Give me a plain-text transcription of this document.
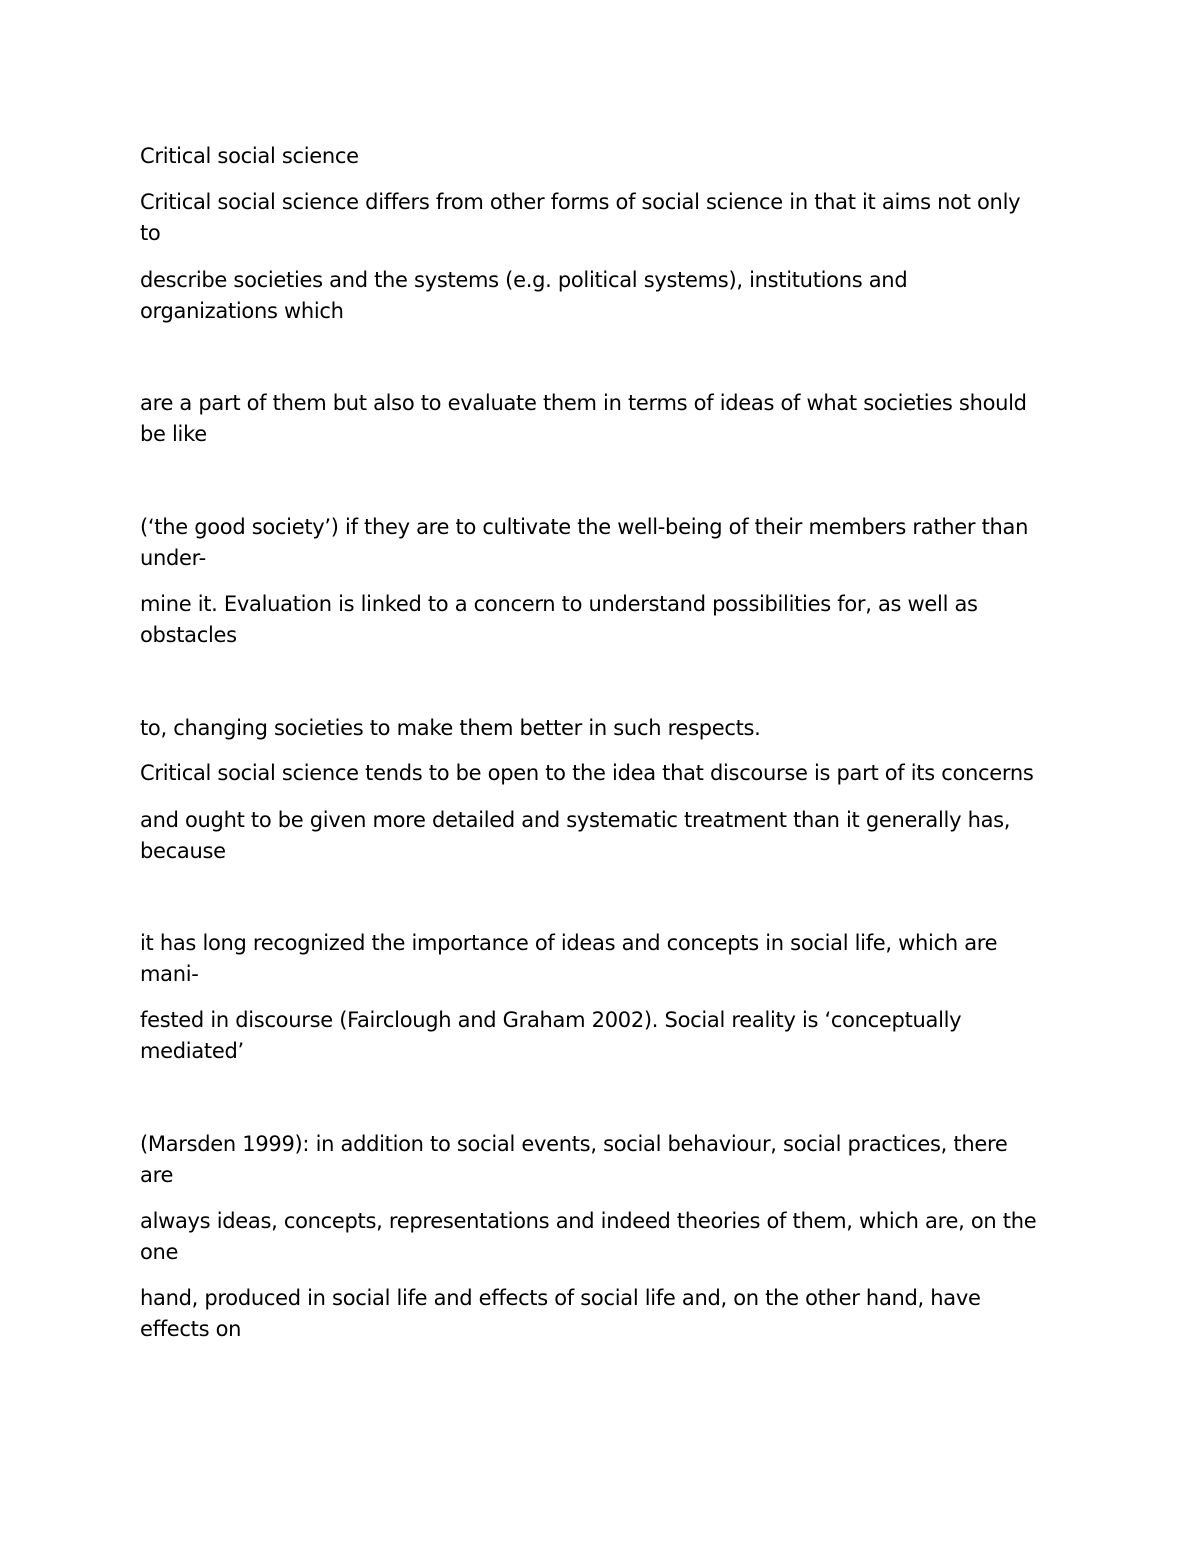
Critical social science

Critical social science differs from other forms of social science in that it aims not only
to

describe societies and the systems (e.g. political systems), institutions and
organizations which

are a part of them but also to evaluate them in terms of ideas of what societies should
be like

(‘the good society’) if they are to cultivate the well-being of their members rather than
under-

mine it. Evaluation is linked to a concern to understand possibilities for, as well as
obstacles

to, changing societies to make them better in such respects.

Critical social science tends to be open to the idea that discourse is part of its concerns

and ought to be given more detailed and systematic treatment than it generally has,
because

it has long recognized the importance of ideas and concepts in social life, which are
mani-

fested in discourse (Fairclough and Graham 2002). Social reality is ‘conceptually
mediated’

(Marsden 1999): in addition to social events, social behaviour, social practices, there
are

always ideas, concepts, representations and indeed theories of them, which are, on the
one

hand, produced in social life and effects of social life and, on the other hand, have
effects on
